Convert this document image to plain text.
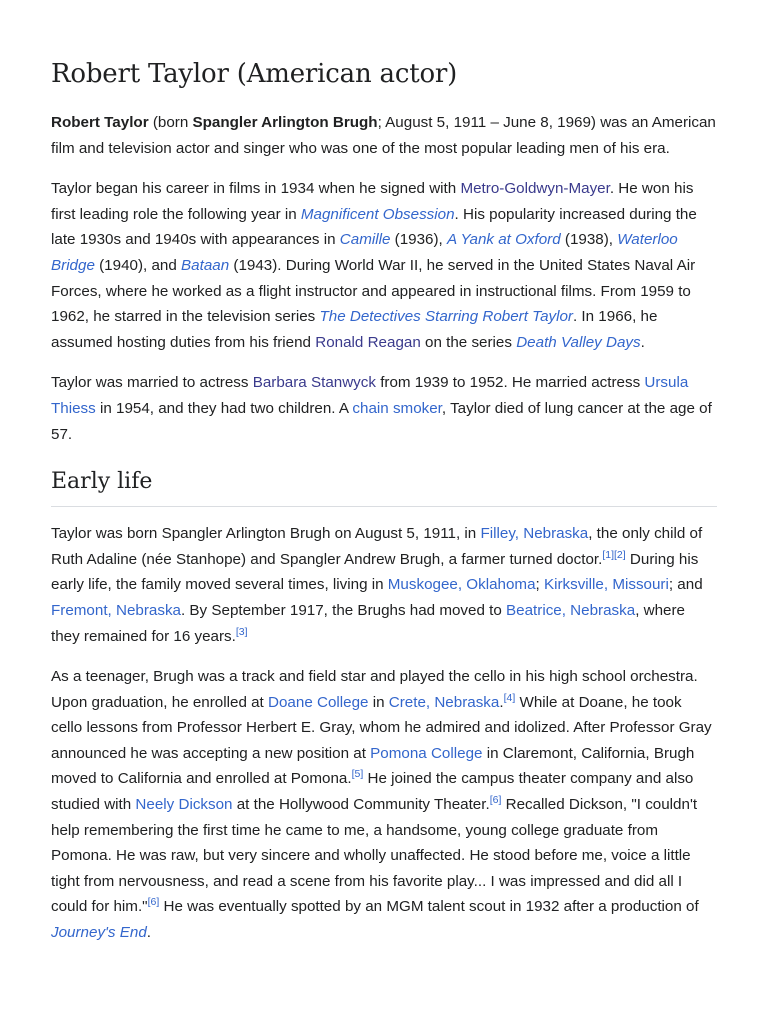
Robert Taylor (American actor)

Robert Taylor (born Spangler Arlington Brugh; August 5, 1911 – June 8, 1969) was an American film and television actor and singer who was one of the most popular leading men of his era.

Taylor began his career in films in 1934 when he signed with Metro-Goldwyn-Mayer. He won his first leading role the following year in Magnificent Obsession. His popularity increased during the late 1930s and 1940s with appearances in Camille (1936), A Yank at Oxford (1938), Waterloo Bridge (1940), and Bataan (1943). During World War II, he served in the United States Naval Air Forces, where he worked as a flight instructor and appeared in instructional films. From 1959 to 1962, he starred in the television series The Detectives Starring Robert Taylor. In 1966, he assumed hosting duties from his friend Ronald Reagan on the series Death Valley Days.

Taylor was married to actress Barbara Stanwyck from 1939 to 1952. He married actress Ursula Thiess in 1954, and they had two children. A chain smoker, Taylor died of lung cancer at the age of 57.

Early life

Taylor was born Spangler Arlington Brugh on August 5, 1911, in Filley, Nebraska, the only child of Ruth Adaline (née Stanhope) and Spangler Andrew Brugh, a farmer turned doctor.[1][2] During his early life, the family moved several times, living in Muskogee, Oklahoma; Kirksville, Missouri; and Fremont, Nebraska. By September 1917, the Brughs had moved to Beatrice, Nebraska, where they remained for 16 years.[3]

As a teenager, Brugh was a track and field star and played the cello in his high school orchestra. Upon graduation, he enrolled at Doane College in Crete, Nebraska.[4] While at Doane, he took cello lessons from Professor Herbert E. Gray, whom he admired and idolized. After Professor Gray announced he was accepting a new position at Pomona College in Claremont, California, Brugh moved to California and enrolled at Pomona.[5] He joined the campus theater company and also studied with Neely Dickson at the Hollywood Community Theater.[6] Recalled Dickson, "I couldn't help remembering the first time he came to me, a handsome, young college graduate from Pomona. He was raw, but very sincere and wholly unaffected. He stood before me, voice a little tight from nervousness, and read a scene from his favorite play... I was impressed and did all I could for him."[6] He was eventually spotted by an MGM talent scout in 1932 after a production of Journey's End.
